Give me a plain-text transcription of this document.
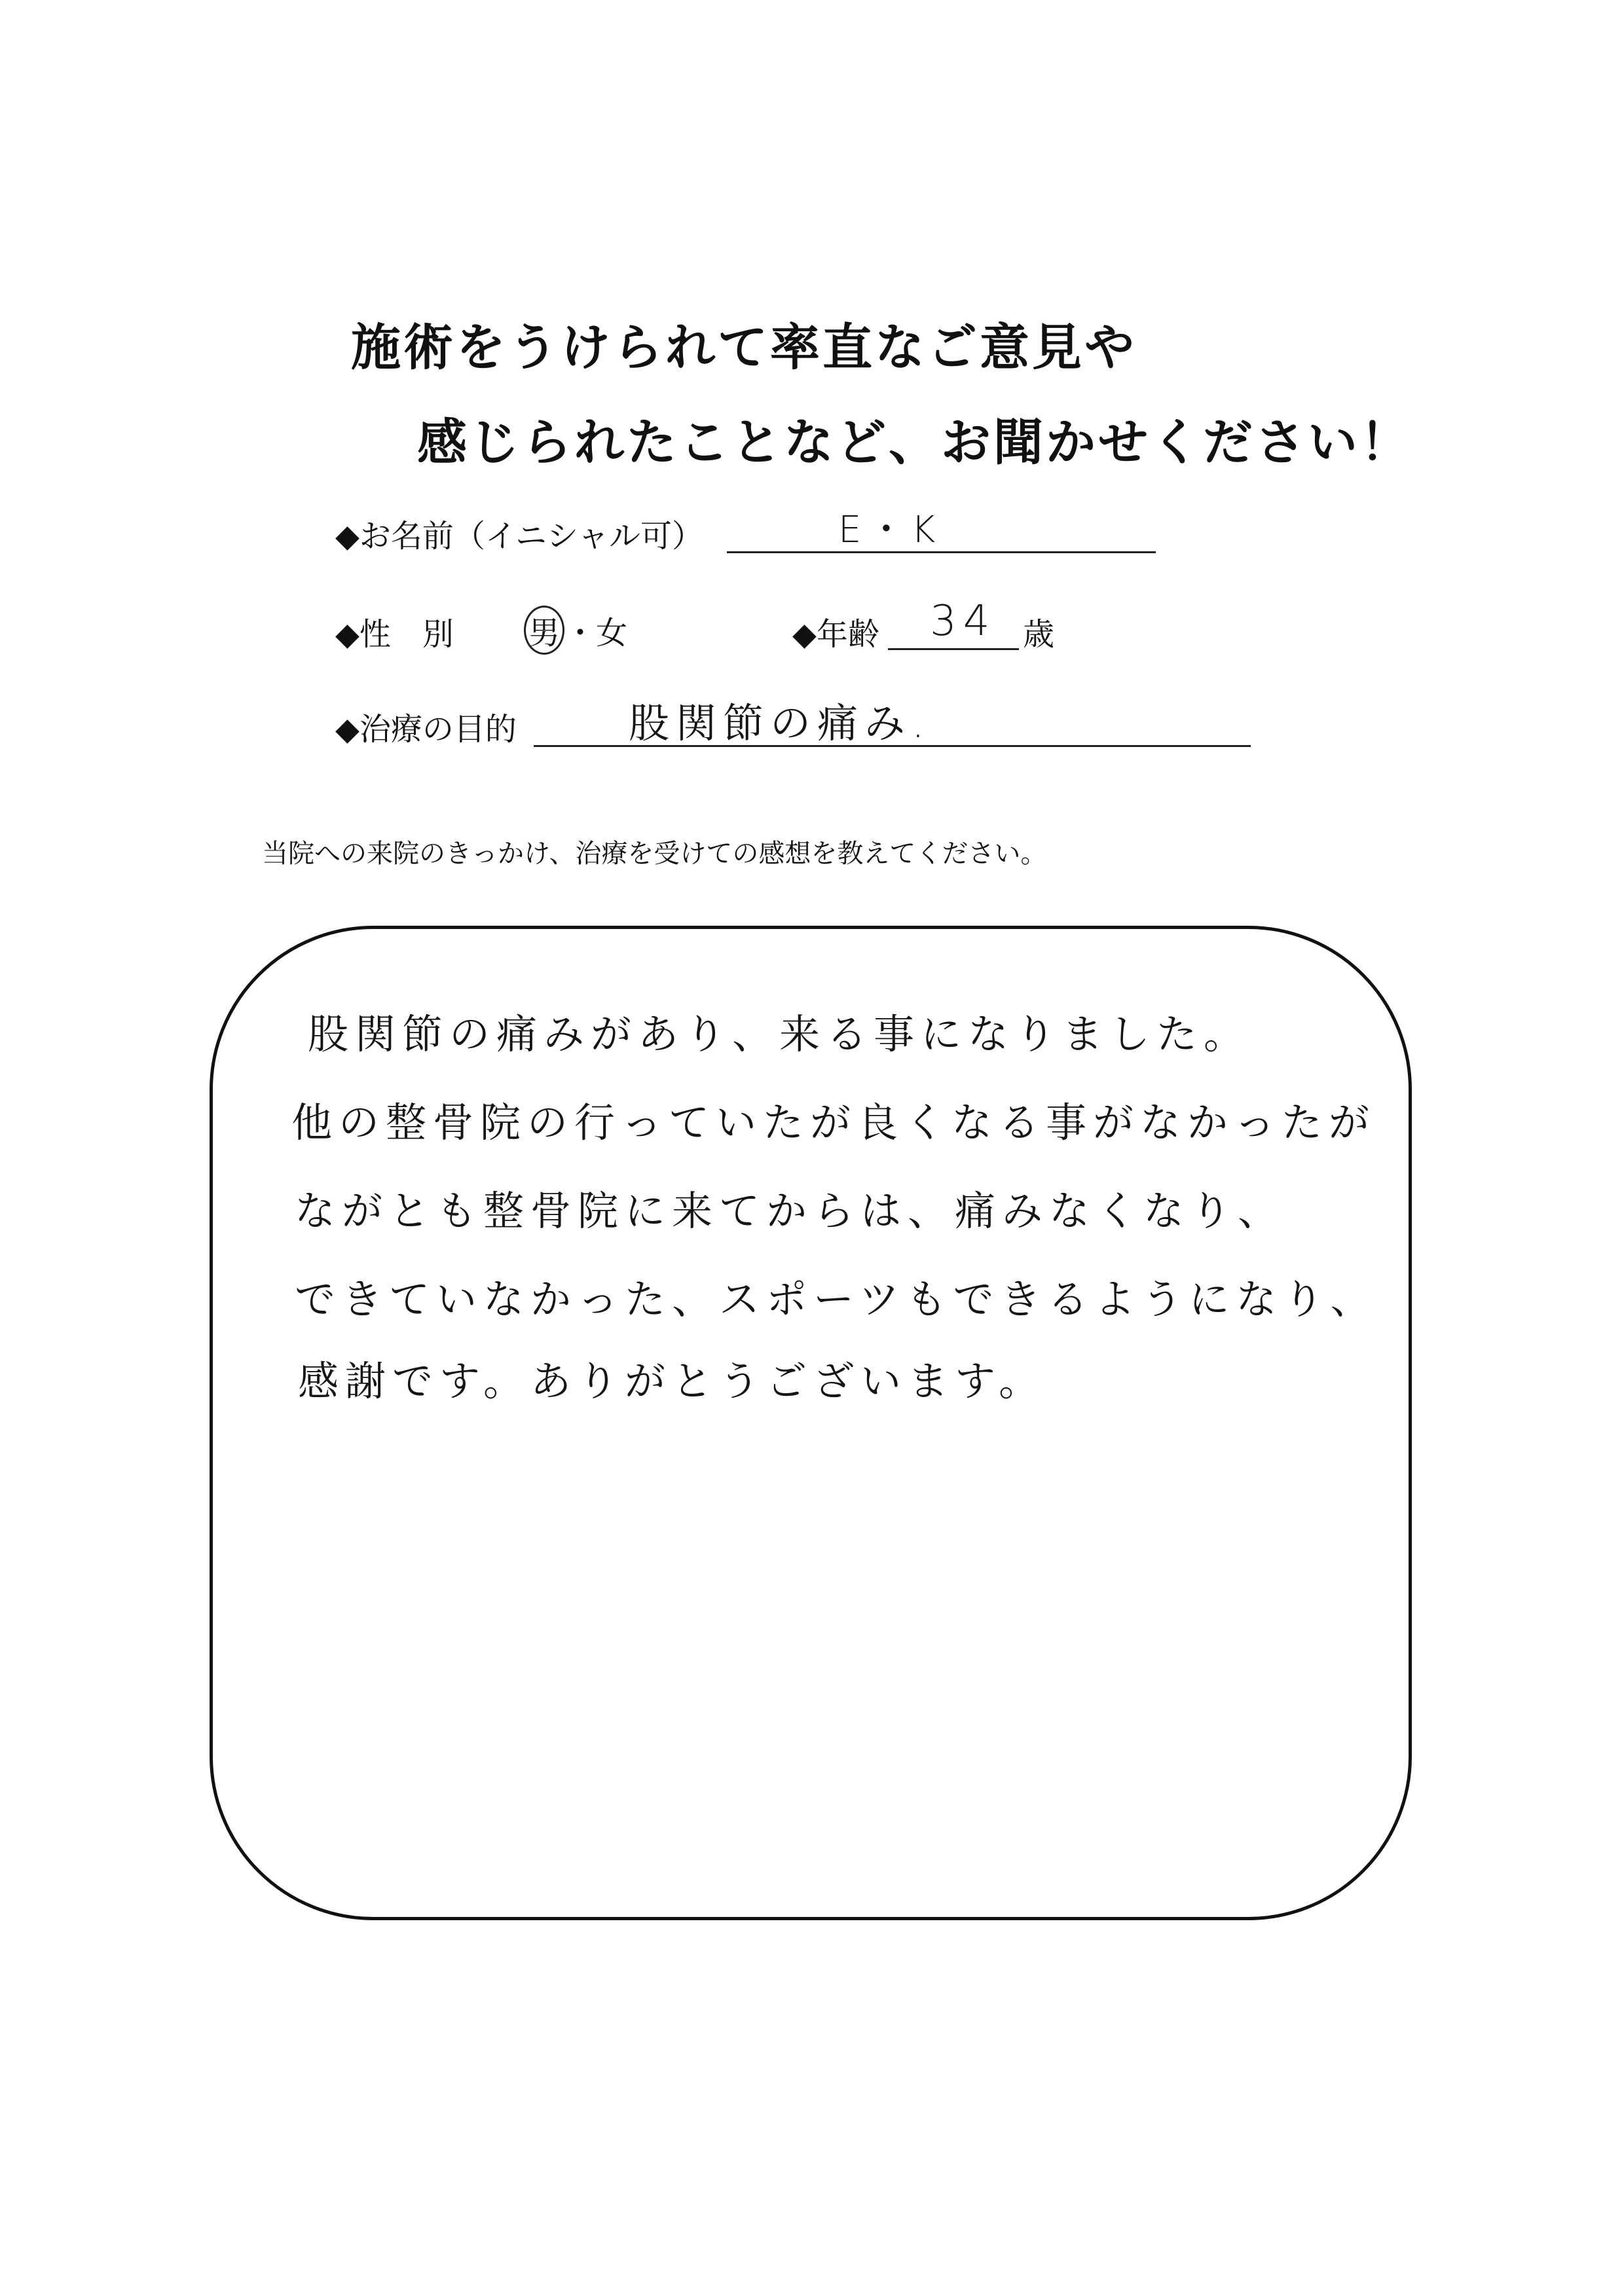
施術をうけられて率直なご意見や
感じられたことなど、お聞かせください！
◆お名前（イニシャル可）	E・K
◆性　別 男 ・女	◆年齢 34 歳
◆治療の目的	股関節の痛み.
当院への来院のきっかけ、治療を受けての感想を教えてください。
股関節の痛みがあり、来る事になりました。
他の整骨院の行っていたが良くなる事がなかったが
ながとも整骨院に来てからは、痛みなくなり、
できていなかった、スポーツもできるようになり、
感謝です。ありがとうございます。
